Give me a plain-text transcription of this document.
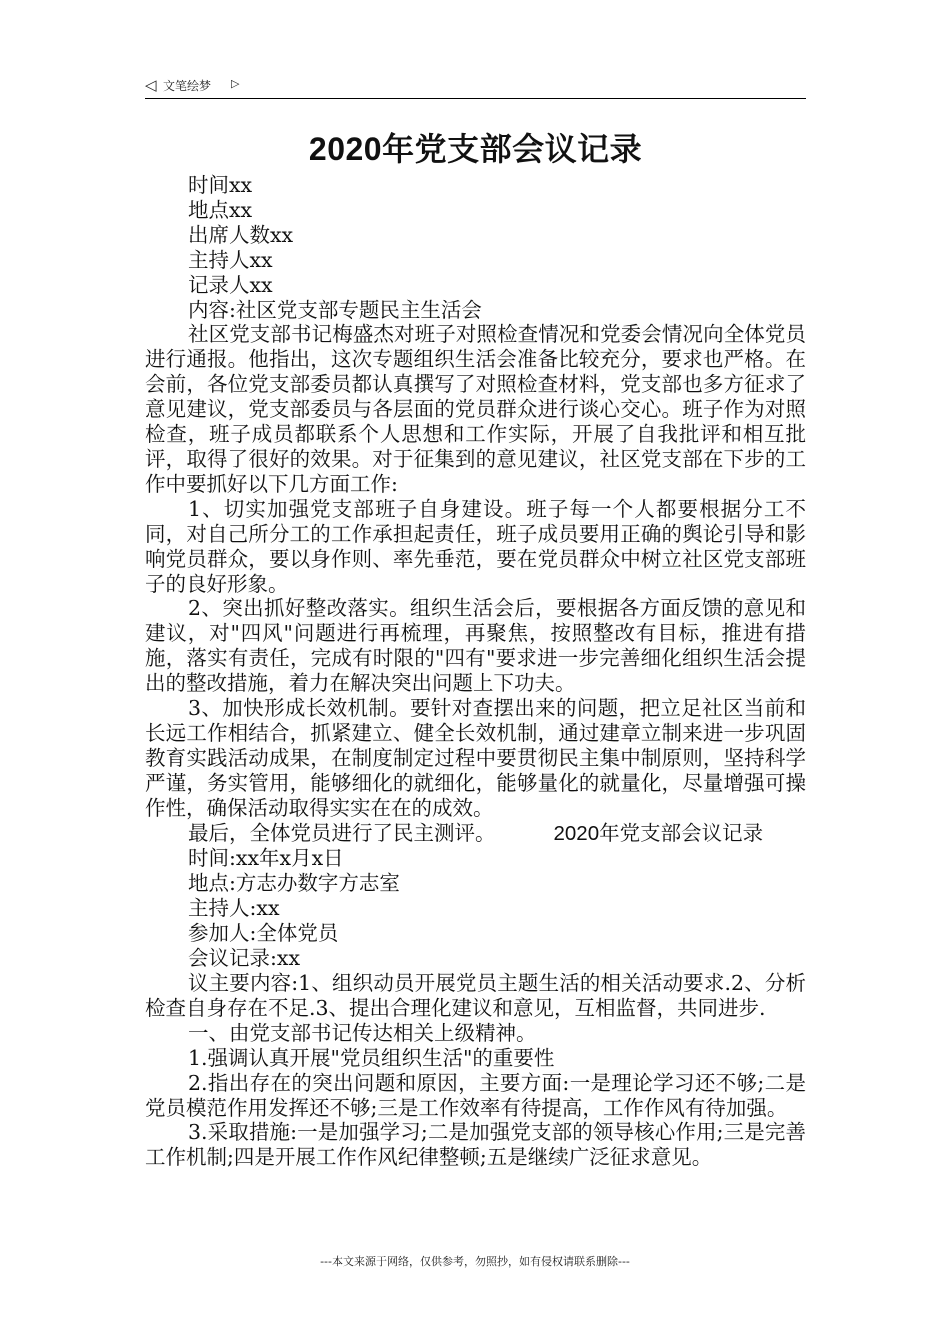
◁ 文笔绘梦 ▷
2020年党支部会议记录

时间xx

地点xx

出席人数xx

主持人xx

记录人xx

内容:社区党支部专题民主生活会

社区党支部书记梅盛杰对班子对照检查情况和党委会情况向全体党员进行通报。他指出，这次专题组织生活会准备比较充分，要求也严格。在会前，各位党支部委员都认真撰写了对照检查材料，党支部也多方征求了意见建议，党支部委员与各层面的党员群众进行谈心交心。班子作为对照检查，班子成员都联系个人思想和工作实际，开展了自我批评和相互批评，取得了很好的效果。对于征集到的意见建议，社区党支部在下步的工作中要抓好以下几方面工作:

1、切实加强党支部班子自身建设。班子每一个人都要根据分工不同，对自己所分工的工作承担起责任，班子成员要用正确的舆论引导和影响党员群众，要以身作则、率先垂范，要在党员群众中树立社区党支部班子的良好形象。

2、突出抓好整改落实。组织生活会后，要根据各方面反馈的意见和建议，对"四风"问题进行再梳理，再聚焦，按照整改有目标，推进有措施，落实有责任，完成有时限的"四有"要求进一步完善细化组织生活会提出的整改措施，着力在解决突出问题上下功夫。

3、加快形成长效机制。要针对查摆出来的问题，把立足社区当前和长远工作相结合，抓紧建立、健全长效机制，通过建章立制来进一步巩固教育实践活动成果，在制度制定过程中要贯彻民主集中制原则，坚持科学严谨，务实管用，能够细化的就细化，能够量化的就量化，尽量增强可操作性，确保活动取得实实在在的成效。

最后，全体党员进行了民主测评。	2020年党支部会议记录

时间:xx年x月x日

地点:方志办数字方志室

主持人:xx

参加人:全体党员

会议记录:xx

议主要内容:1、组织动员开展党员主题生活的相关活动要求.2、分析检查自身存在不足.3、提出合理化建议和意见，互相监督，共同进步.

一、由党支部书记传达相关上级精神。

1.强调认真开展"党员组织生活"的重要性

2.指出存在的突出问题和原因，主要方面:一是理论学习还不够;二是党员模范作用发挥还不够;三是工作效率有待提高，工作作风有待加强。

3.采取措施:一是加强学习;二是加强党支部的领导核心作用;三是完善工作机制;四是开展工作作风纪律整顿;五是继续广泛征求意见。

---本文来源于网络，仅供参考，勿照抄，如有侵权请联系删除---
